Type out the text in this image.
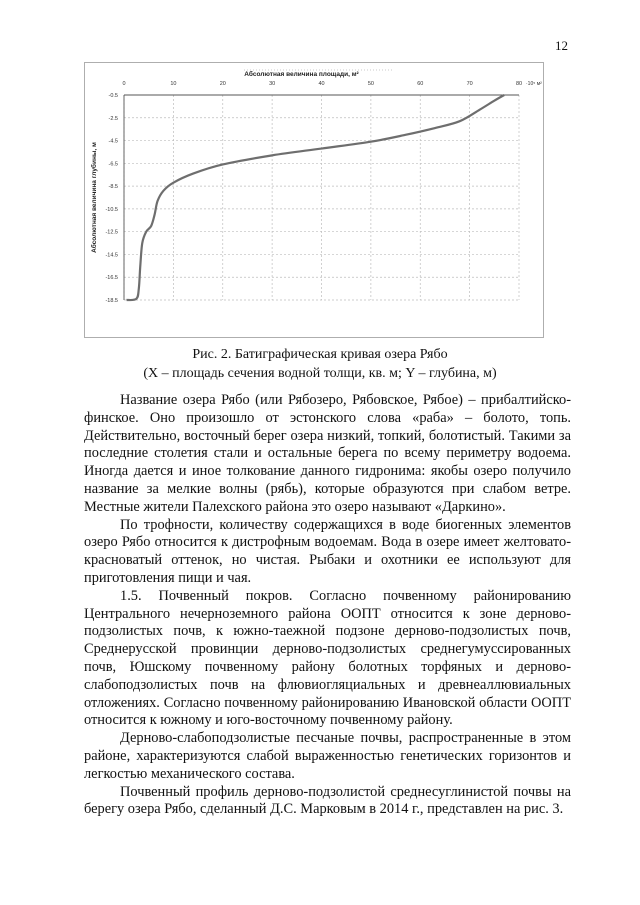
12
0	10	20	30	40	50	60	70	80
-0.5
-2.5
-4.5
-6.5
-8.5
-10.5
-12.5
-14.5
-16.5
-18.5
·10⁵ м²
Абсолютная величина площади, м²
Абсолютная величина глубины, м
Рис. 2. Батиграфическая кривая озера Рябо
(X – площадь сечения водной толщи, кв. м; Y – глубина, м)

Название озера Рябо (или Рябозеро, Рябовское, Рябое) – прибалтийско-финское. Оно произошло от эстонского слова «раба» – болото, топь. Действительно, восточный берег озера низкий, топкий, болотистый. Такими за последние столетия стали и остальные берега по всему периметру водоема. Иногда дается и иное толкование данного гидронима: якобы озеро получило название за мелкие волны (рябь), которые образуются при слабом ветре. Местные жители Палехского района это озеро называют «Даркино».

По трофности, количеству содержащихся в воде биогенных элементов озеро Рябо относится к дистрофным водоемам. Вода в озере имеет желтовато-красноватый оттенок, но чистая. Рыбаки и охотники ее используют для приготовления пищи и чая.

1.5. Почвенный покров. Согласно почвенному районированию Центрального нечерноземного района ООПТ относится к зоне дерново-подзолистых почв, к южно-таежной подзоне дерново-подзолистых почв, Среднерусской провинции дерново-подзолистых среднегумуссированных почв, Юшскому почвенному району болотных торфяных и дерново-слабоподзолистых почв на флювиогляциальных и древнеаллювиальных отложениях. Согласно почвенному районированию Ивановской области ООПТ относится к южному и юго-восточному почвенному району.

Дерново-слабоподзолистые песчаные почвы, распространенные в этом районе, характеризуются слабой выраженностью генетических горизонтов и легкостью механического состава.

Почвенный профиль дерново-подзолистой среднесуглинистой почвы на берегу озера Рябо, сделанный Д.С. Марковым в 2014 г., представлен на рис. 3.
